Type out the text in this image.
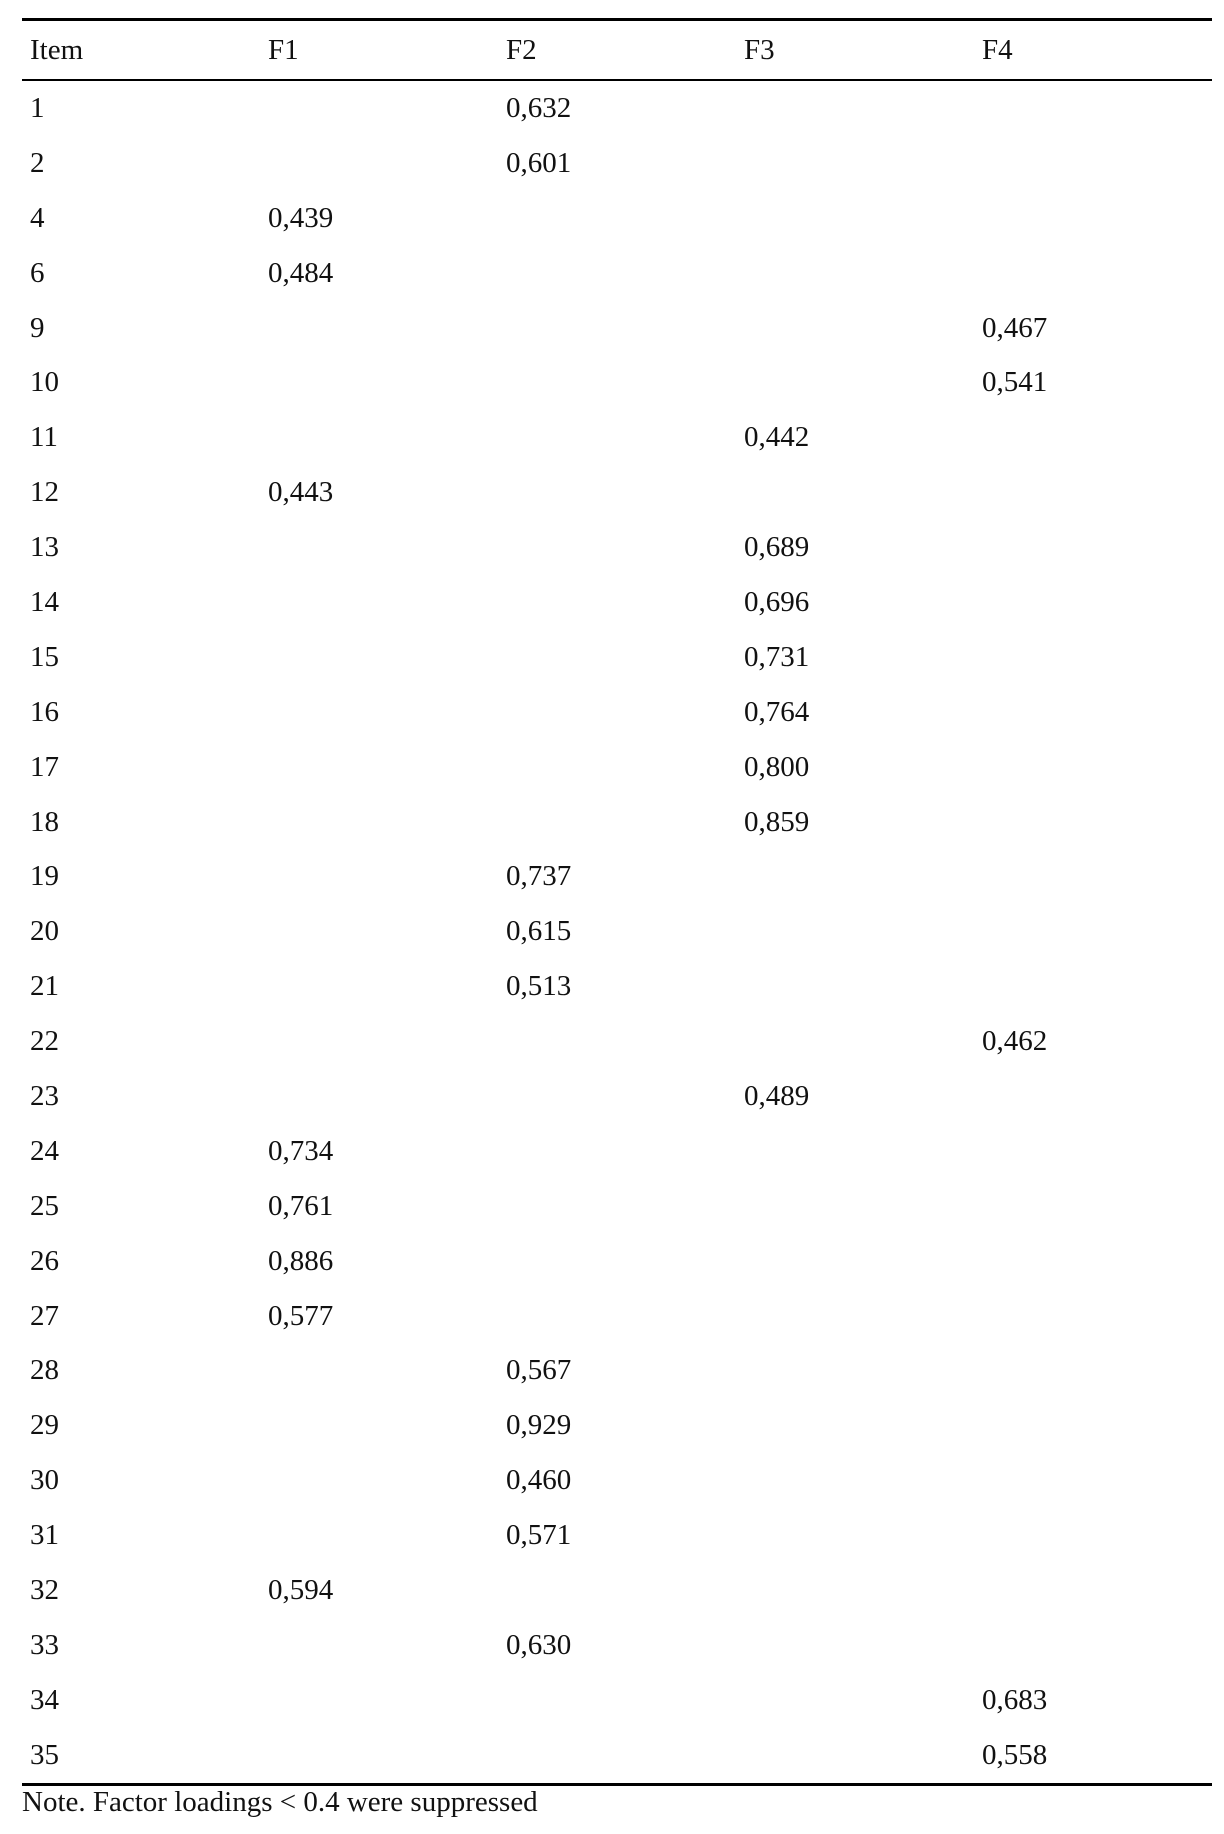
Item	F1	F2	F3	F4
1		0,632		
2		0,601		
4	0,439			
6	0,484			
9				0,467
10				0,541
11			0,442	
12	0,443			
13			0,689	
14			0,696	
15			0,731	
16			0,764	
17			0,800	
18			0,859	
19		0,737		
20		0,615		
21		0,513		
22				0,462
23			0,489	
24	0,734			
25	0,761			
26	0,886			
27	0,577			
28		0,567		
29		0,929		
30		0,460		
31		0,571		
32	0,594			
33		0,630		
34				0,683
35				0,558
Note. Factor loadings < 0.4 were suppressed
